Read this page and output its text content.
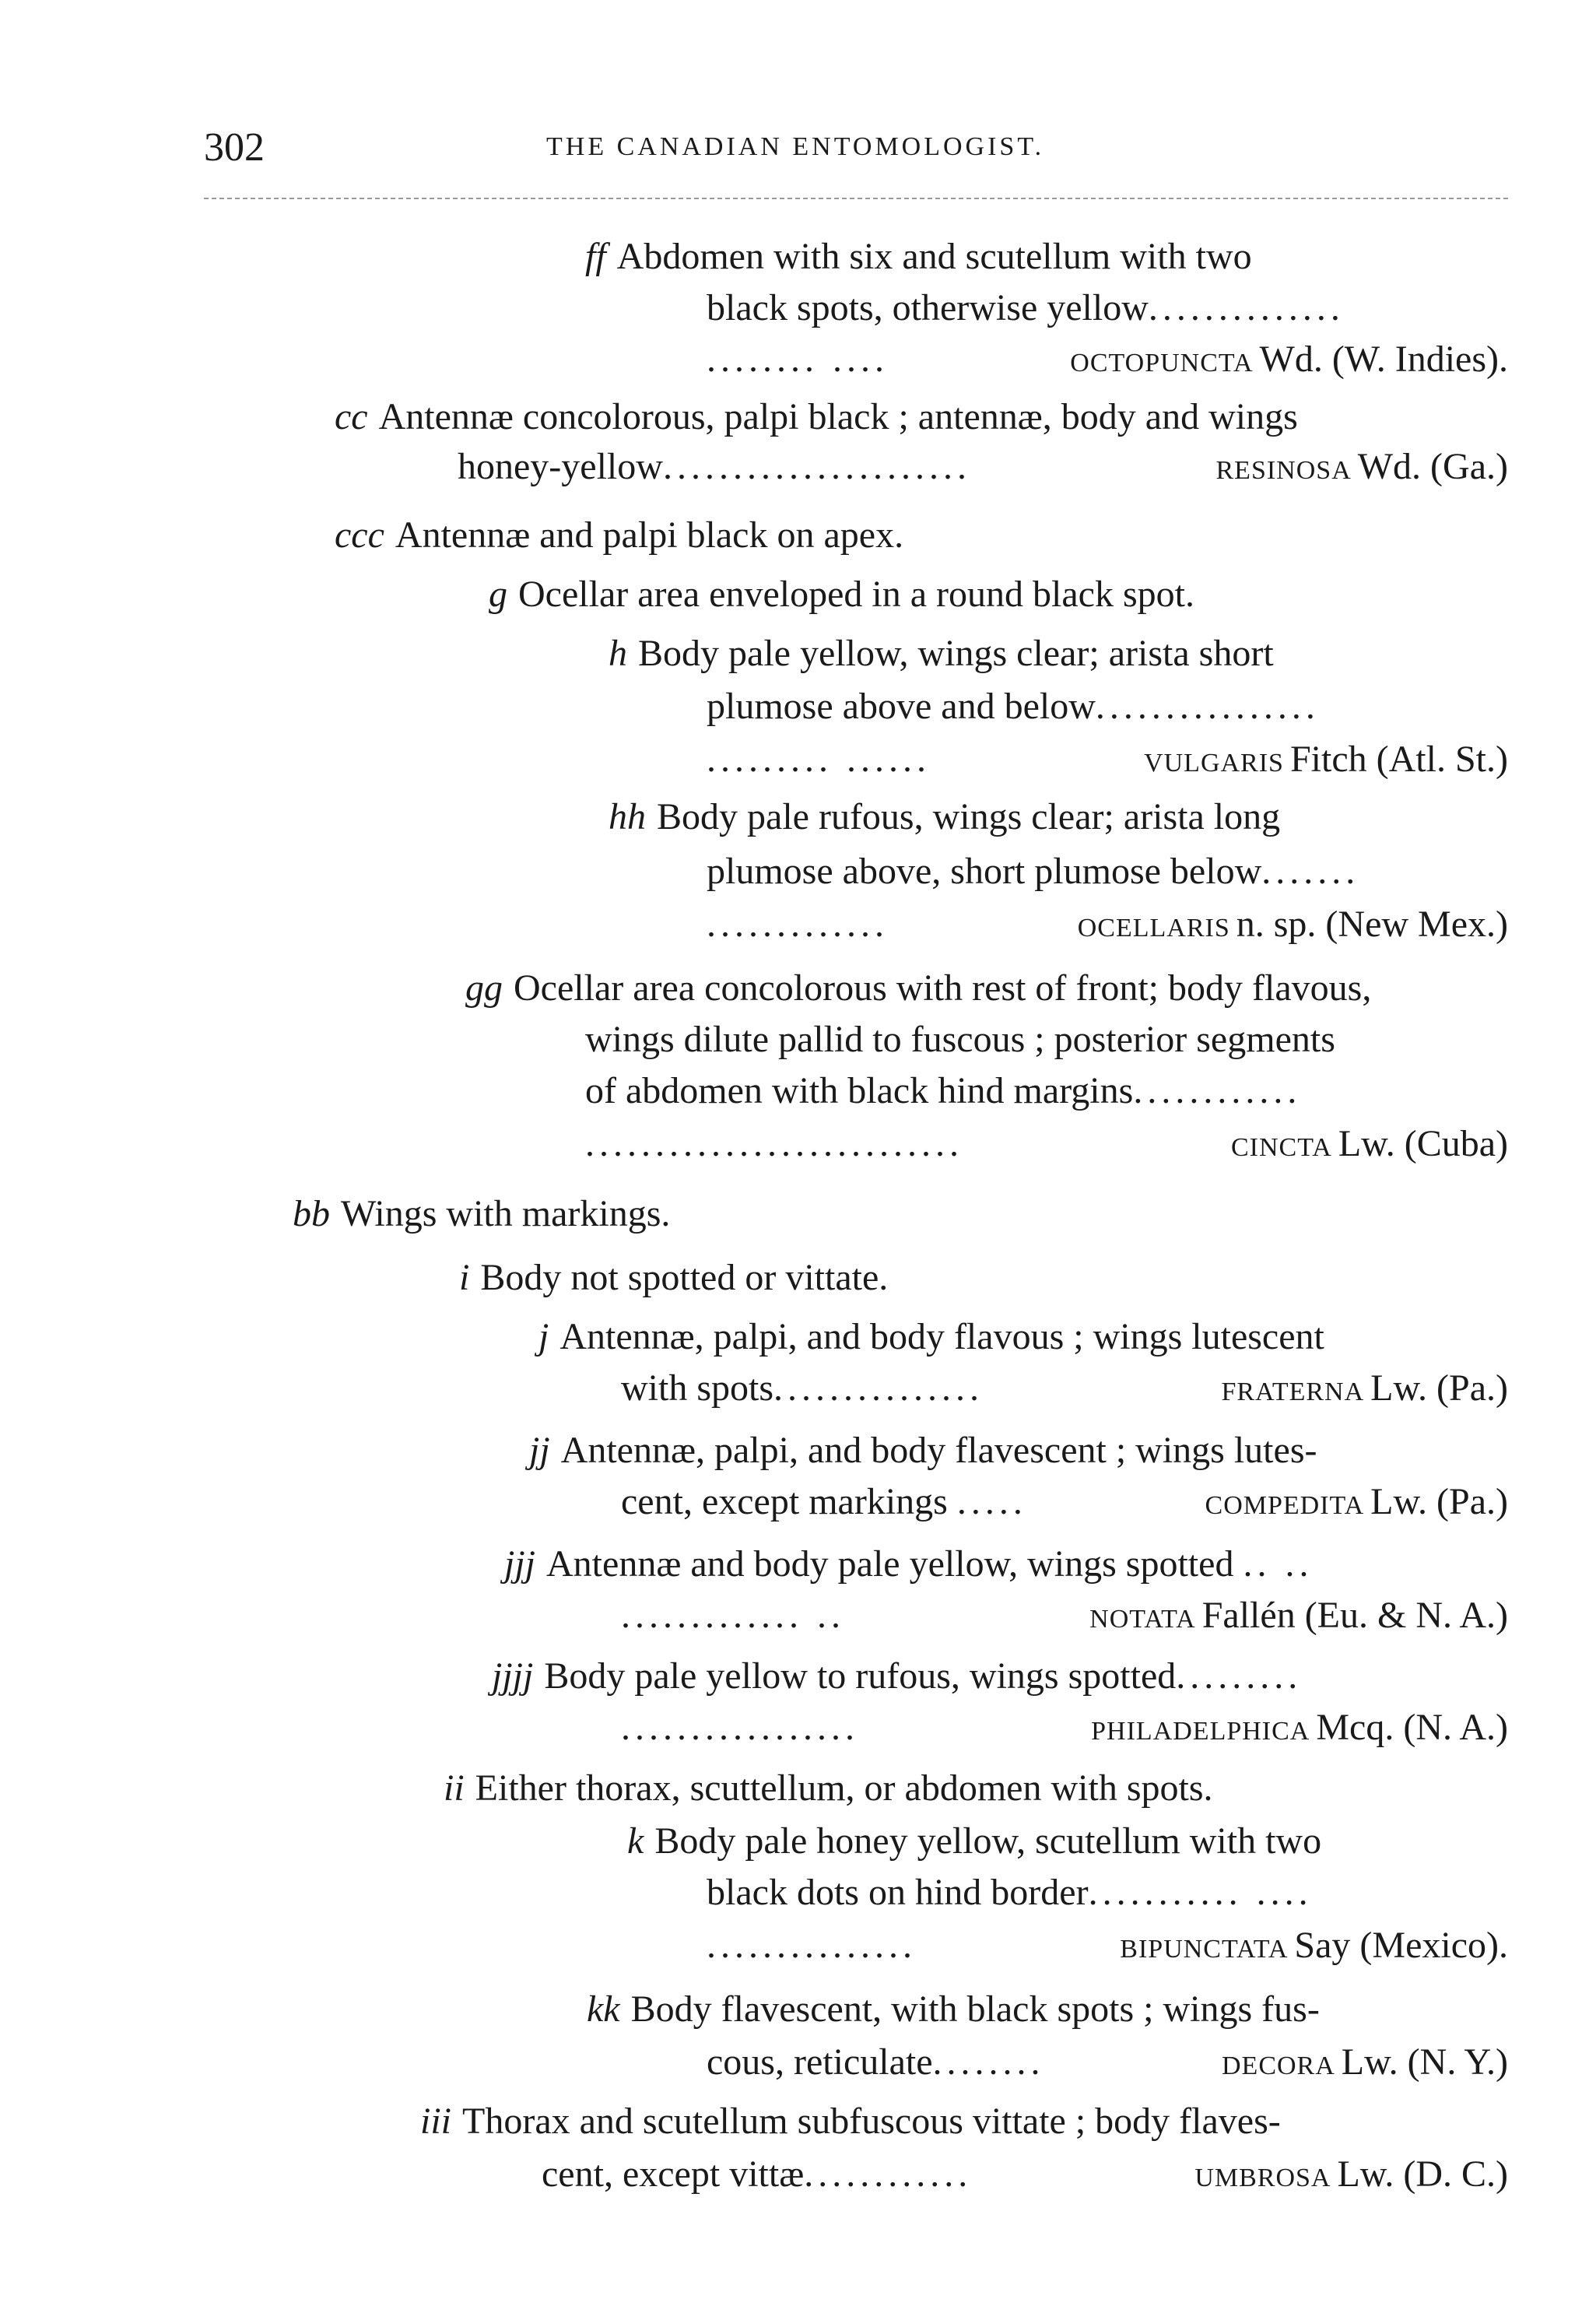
302	THE CANADIAN ENTOMOLOGIST.
ff Abdomen with six and scutellum with two
black spots, otherwise yellow..............
........ ....	octopuncta Wd. (W. Indies).
cc Antennæ concolorous, palpi black ; antennæ, body and wings
honey-yellow......................	resinosa Wd. (Ga.)
ccc Antennæ and palpi black on apex.
g Ocellar area enveloped in a round black spot.
h Body pale yellow, wings clear; arista short
plumose above and below................
......... ......	vulgaris Fitch (Atl. St.)
hh Body pale rufous, wings clear; arista long
plumose above, short plumose below.......
.............	ocellaris n. sp. (New Mex.)
gg Ocellar area concolorous with rest of front; body flavous,
wings dilute pallid to fuscous ; posterior segments
of abdomen with black hind margins............
...........................	cincta Lw. (Cuba)
bb Wings with markings.
i Body not spotted or vittate.
j Antennæ, palpi, and body flavous ; wings lutescent
with spots...............	fraterna Lw. (Pa.)
jj Antennæ, palpi, and body flavescent ; wings lutes-
cent, except markings .....	compedita Lw. (Pa.)
jjj Antennæ and body pale yellow, wings spotted .. ..
............. ..	notata Fallén (Eu. & N. A.)
jjjj Body pale yellow to rufous, wings spotted.........
.................	philadelphica Mcq. (N. A.)
ii Either thorax, scuttellum, or abdomen with spots.
k Body pale honey yellow, scutellum with two
black dots on hind border........... ....
...............	bipunctata Say (Mexico).
kk Body flavescent, with black spots ; wings fus-
cous, reticulate........	decora Lw. (N. Y.)
iii Thorax and scutellum subfuscous vittate ; body flaves-
cent, except vittæ............	umbrosa Lw. (D. C.)
